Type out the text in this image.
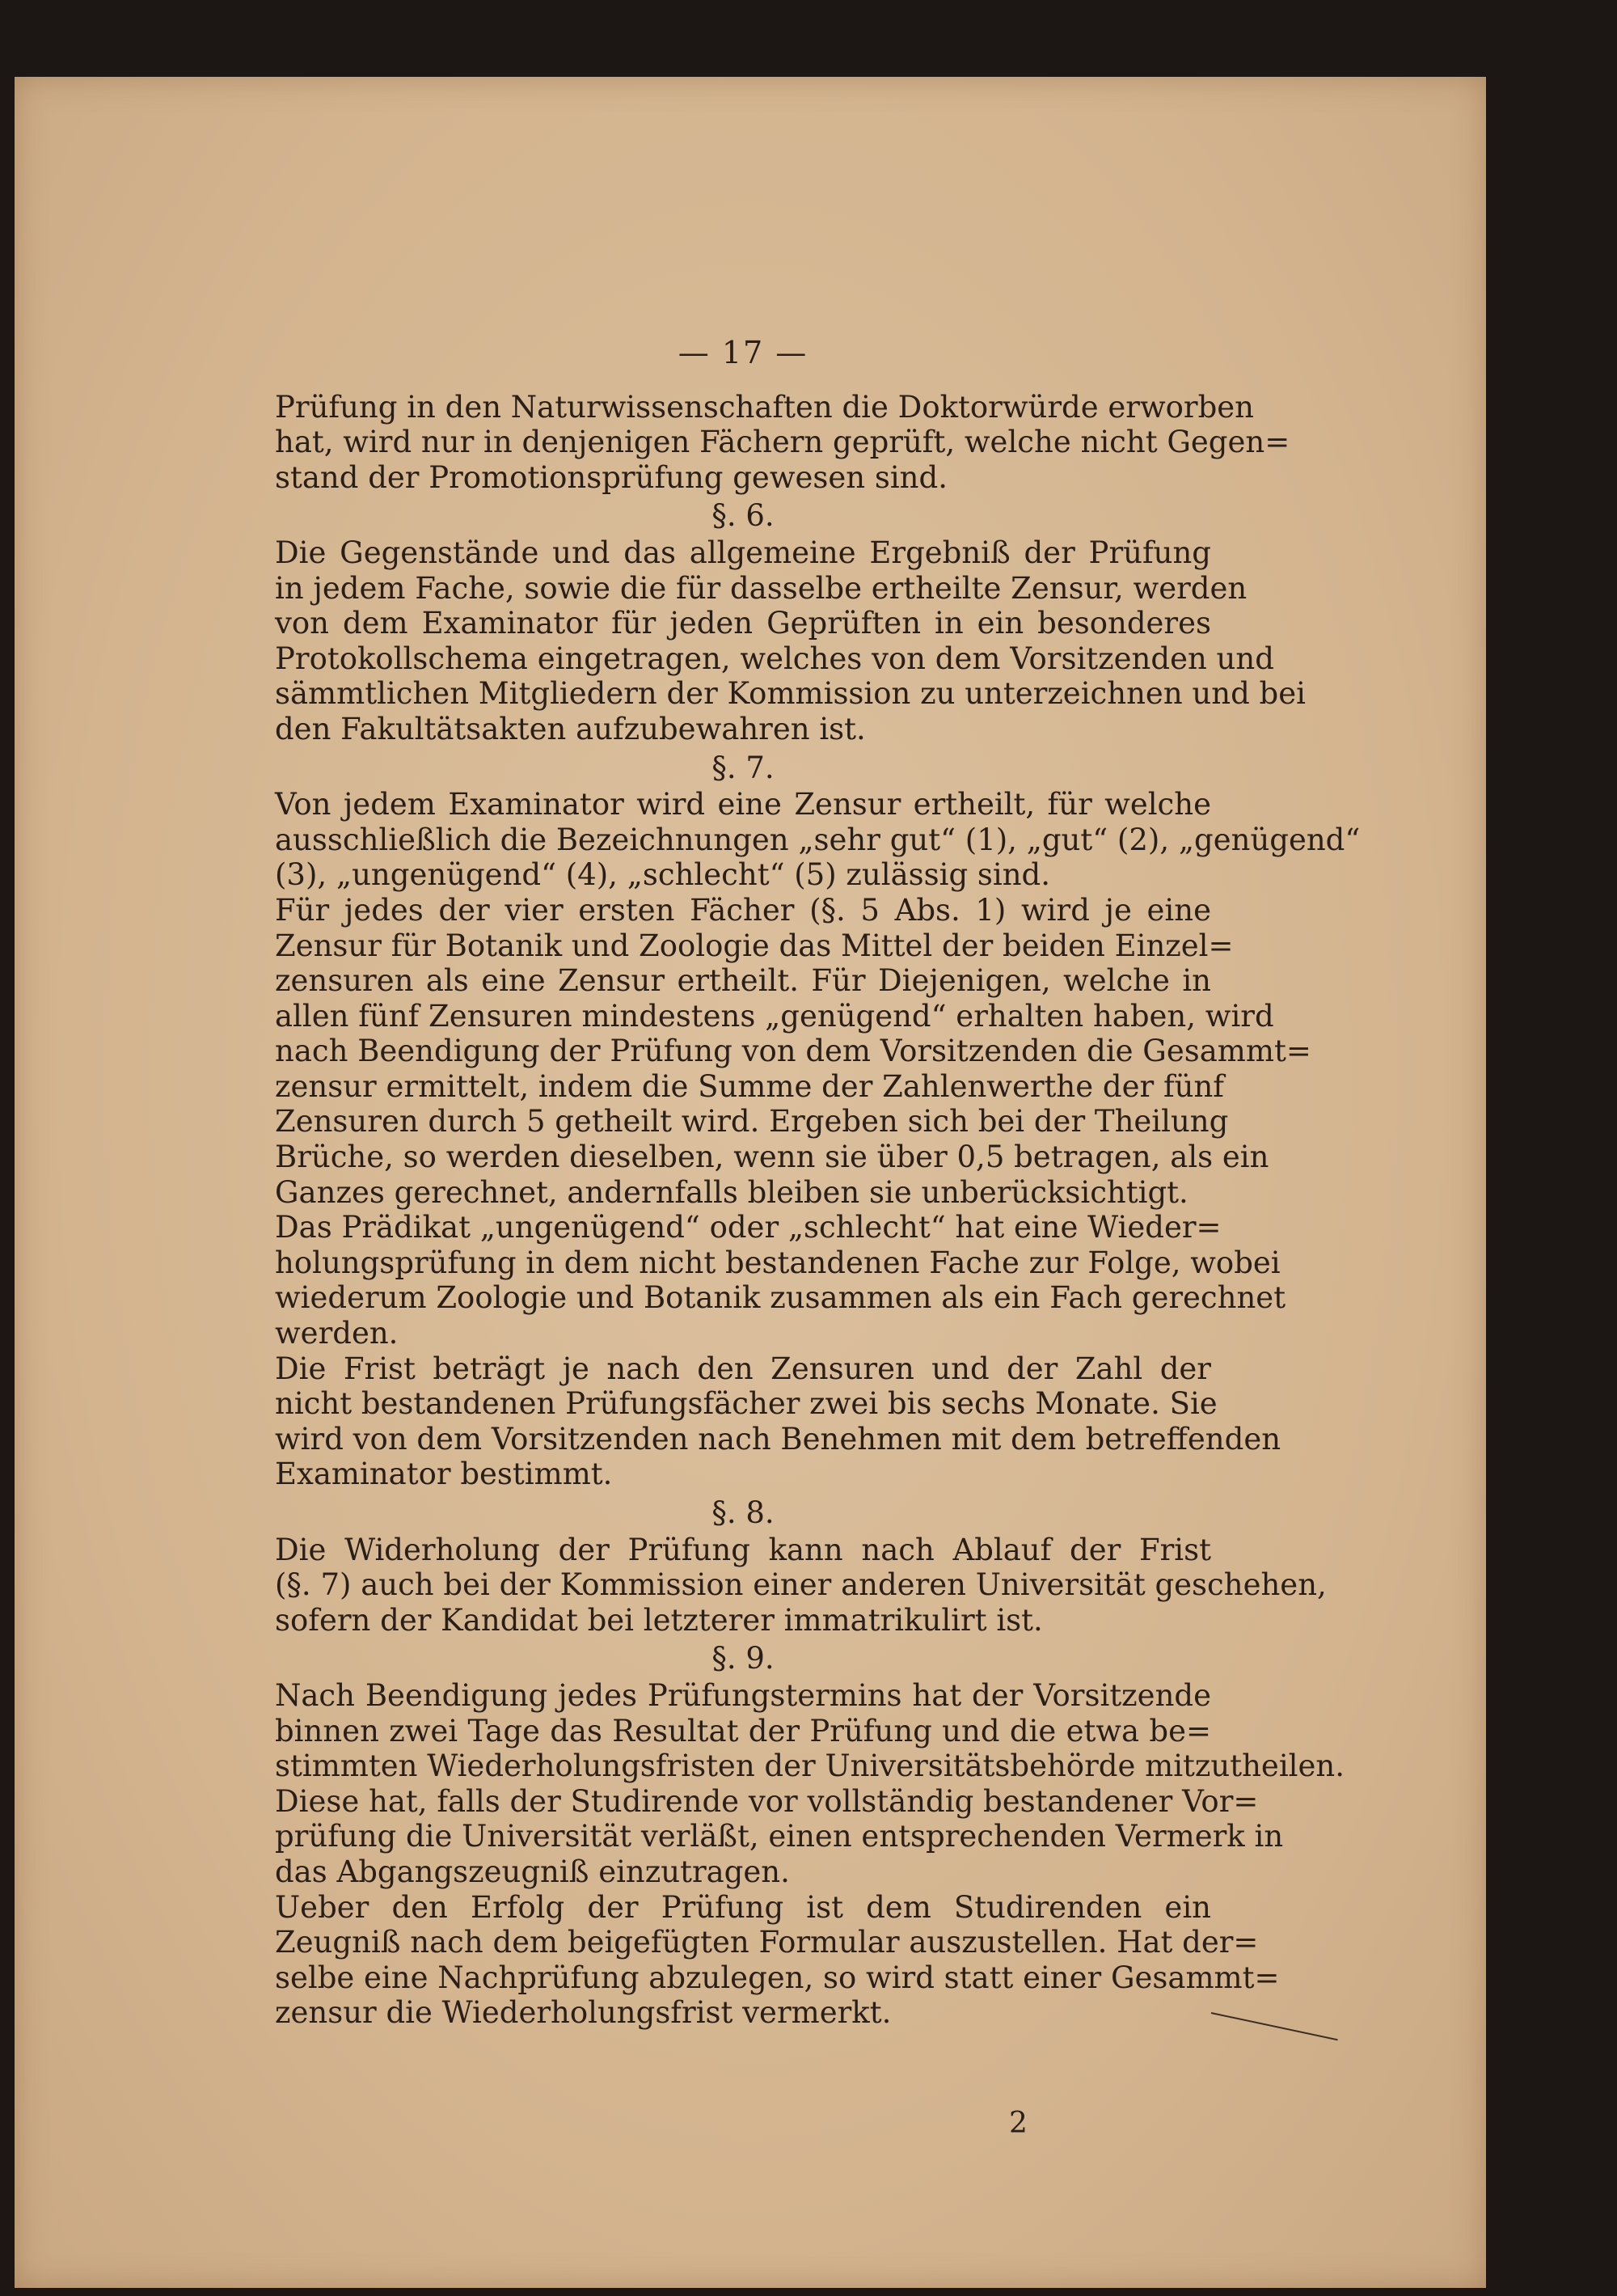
— 17 —
Prüfung in den Naturwissenschaften die Doktorwürde erworben
hat, wird nur in denjenigen Fächern geprüft, welche nicht Gegen=
stand der Promotionsprüfung gewesen sind.
§. 6.
Die Gegenstände und das allgemeine Ergebniß der Prüfung
in jedem Fache, sowie die für dasselbe ertheilte Zensur, werden
von dem Examinator für jeden Geprüften in ein besonderes
Protokollschema eingetragen, welches von dem Vorsitzenden und
sämmtlichen Mitgliedern der Kommission zu unterzeichnen und bei
den Fakultätsakten aufzubewahren ist.
§. 7.
Von jedem Examinator wird eine Zensur ertheilt, für welche
ausschließlich die Bezeichnungen „sehr gut“ (1), „gut“ (2), „genügend“
(3), „ungenügend“ (4), „schlecht“ (5) zulässig sind.
Für jedes der vier ersten Fächer (§. 5 Abs. 1) wird je eine
Zensur für Botanik und Zoologie das Mittel der beiden Einzel=
zensuren als eine Zensur ertheilt. Für Diejenigen, welche in
allen fünf Zensuren mindestens „genügend“ erhalten haben, wird
nach Beendigung der Prüfung von dem Vorsitzenden die Gesammt=
zensur ermittelt, indem die Summe der Zahlenwerthe der fünf
Zensuren durch 5 getheilt wird. Ergeben sich bei der Theilung
Brüche, so werden dieselben, wenn sie über 0,5 betragen, als ein
Ganzes gerechnet, andernfalls bleiben sie unberücksichtigt.
Das Prädikat „ungenügend“ oder „schlecht“ hat eine Wieder=
holungsprüfung in dem nicht bestandenen Fache zur Folge, wobei
wiederum Zoologie und Botanik zusammen als ein Fach gerechnet
werden.
Die Frist beträgt je nach den Zensuren und der Zahl der
nicht bestandenen Prüfungsfächer zwei bis sechs Monate. Sie
wird von dem Vorsitzenden nach Benehmen mit dem betreffenden
Examinator bestimmt.
§. 8.
Die Widerholung der Prüfung kann nach Ablauf der Frist
(§. 7) auch bei der Kommission einer anderen Universität geschehen,
sofern der Kandidat bei letzterer immatrikulirt ist.
§. 9.
Nach Beendigung jedes Prüfungstermins hat der Vorsitzende
binnen zwei Tage das Resultat der Prüfung und die etwa be=
stimmten Wiederholungsfristen der Universitätsbehörde mitzutheilen.
Diese hat, falls der Studirende vor vollständig bestandener Vor=
prüfung die Universität verläßt, einen entsprechenden Vermerk in
das Abgangszeugniß einzutragen.
Ueber den Erfolg der Prüfung ist dem Studirenden ein
Zeugniß nach dem beigefügten Formular auszustellen. Hat der=
selbe eine Nachprüfung abzulegen, so wird statt einer Gesammt=
zensur die Wiederholungsfrist vermerkt.
2
